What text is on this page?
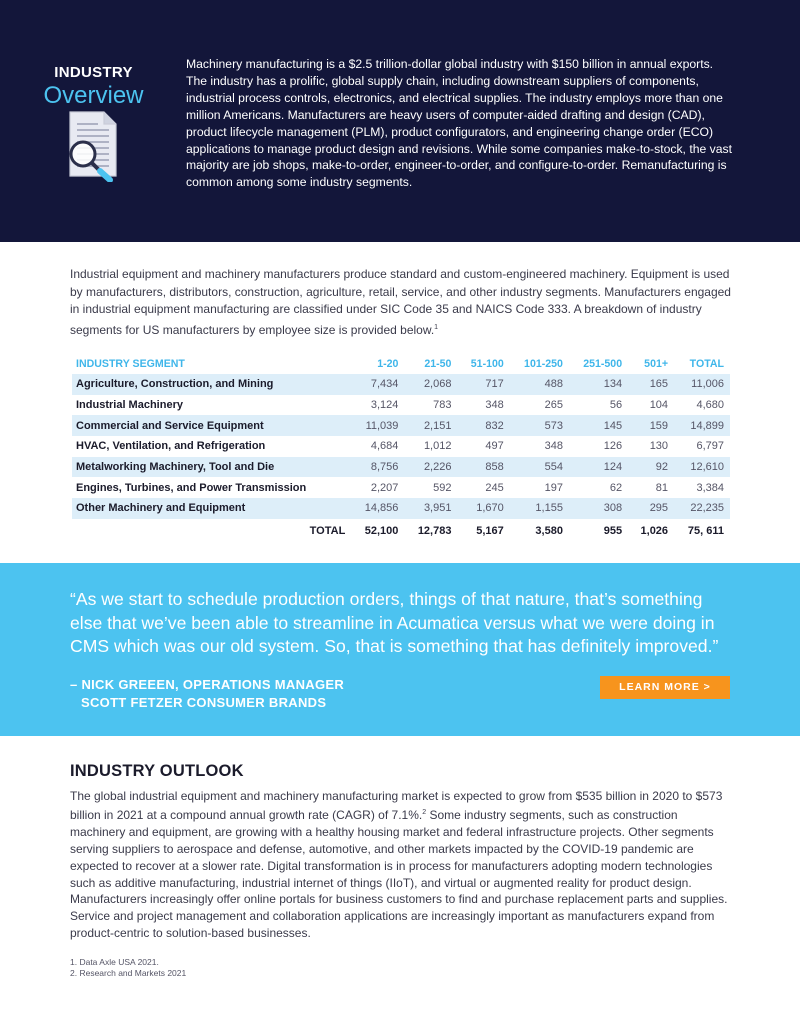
INDUSTRY
Overview

Machinery manufacturing is a $2.5 trillion-dollar global industry with $150 billion in annual exports. The industry has a prolific, global supply chain, including downstream suppliers of components, industrial process controls, electronics, and electrical supplies. The industry employs more than one million Americans. Manufacturers are heavy users of computer-aided drafting and design (CAD), product lifecycle management (PLM), product configurators, and engineering change order (ECO) applications to manage product design and revisions. While some companies make-to-stock, the vast majority are job shops, make-to-order, engineer-to-order, and configure-to-order. Remanufacturing is common among some industry segments.

Industrial equipment and machinery manufacturers produce standard and custom-engineered machinery. Equipment is used by manufacturers, distributors, construction, agriculture, retail, service, and other industry segments. Manufacturers engaged in industrial equipment manufacturing are classified under SIC Code 35 and NAICS Code 333. A breakdown of industry segments for US manufacturers by employee size is provided below.$^1$

INDUSTRY SEGMENT	1-20	21-50	51-100	101-250	251-500	501+	TOTAL
Agriculture, Construction, and Mining	7,434	2,068	717	488	134	165	11,006
Industrial Machinery	3,124	783	348	265	56	104	4,680
Commercial and Service Equipment	11,039	2,151	832	573	145	159	14,899
HVAC, Ventilation, and Refrigeration	4,684	1,012	497	348	126	130	6,797
Metalworking Machinery, Tool and Die	8,756	2,226	858	554	124	92	12,610
Engines, Turbines, and Power Transmission	2,207	592	245	197	62	81	3,384
Other Machinery and Equipment	14,856	3,951	1,670	1,155	308	295	22,235
TOTAL	52,100	12,783	5,167	3,580	955	1,026	75, 611

“As we start to schedule production orders, things of that nature, that’s something else that we’ve been able to streamline in Acumatica versus what we were doing in CMS which was our old system. So, that is something that has definitely improved.”

– NICK GREEEN, OPERATIONS MANAGER
SCOTT FETZER CONSUMER BRANDS
LEARN MORE >
INDUSTRY OUTLOOK

The global industrial equipment and machinery manufacturing market is expected to grow from $535 billion in 2020 to $573 billion in 2021 at a compound annual growth rate (CAGR) of 7.1%.$^2$ Some industry segments, such as construction machinery and equipment, are growing with a healthy housing market and federal infrastructure projects. Other segments serving suppliers to aerospace and defense, automotive, and other markets impacted by the COVID-19 pandemic are expected to recover at a slower rate. Digital transformation is in process for manufacturers adopting modern technologies such as additive manufacturing, industrial internet of things (IIoT), and virtual or augmented reality for product design. Manufacturers increasingly offer online portals for business customers to find and purchase replacement parts and supplies. Service and project management and collaboration applications are increasingly important as manufacturers expand from product-centric to solution-based businesses.

1. Data Axle USA 2021.
2. Research and Markets 2021
